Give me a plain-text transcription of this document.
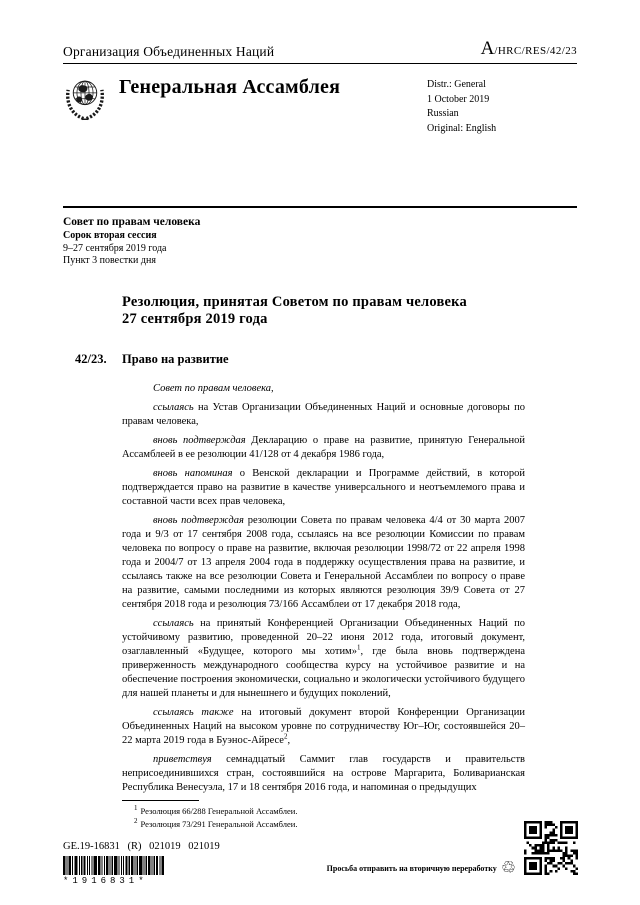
Организация Объединенных Наций	A/HRC/RES/42/23
Генеральная Ассамблея	Distr.: General
1 October 2019
Russian
Original: English
Совет по правам человека
Сорок вторая сессия
9–27 сентября 2019 года
Пункт 3 повестки дня
Резолюция, принятая Советом по правам человека
27 сентября 2019 года
42/23.	Право на развитие

Совет по правам человека,

ссылаясь на Устав Организации Объединенных Наций и основные договоры по правам человека,

вновь подтверждая Декларацию о праве на развитие, принятую Генеральной Ассамблеей в ее резолюции 41/128 от 4 декабря 1986 года,

вновь напоминая о Венской декларации и Программе действий, в которой подтверждается право на развитие в качестве универсального и неотъемлемого права и составной части всех прав человека,

вновь подтверждая резолюции Совета по правам человека 4/4 от 30 марта 2007 года и 9/3 от 17 сентября 2008 года, ссылаясь на все резолюции Комиссии по правам человека по вопросу о праве на развитие, включая резолюции 1998/72 от 22 апреля 1998 года и 2004/7 от 13 апреля 2004 года в поддержку осуществления права на развитие, и ссылаясь также на все резолюции Совета и Генеральной Ассамблеи по вопросу о праве на развитие, самыми последними из которых являются резолюция 39/9 Совета от 27 сентября 2018 года и резолюция 73/166 Ассамблеи от 17 декабря 2018 года,

ссылаясь на принятый Конференцией Организации Объединенных Наций по устойчивому развитию, проведенной 20–22 июня 2012 года, итоговый документ, озаглавленный «Будущее, которого мы хотим»$^1$, где была вновь подтверждена приверженность международного сообщества курсу на устойчивое развитие и на обеспечение построения экономически, социально и экологически устойчивого будущего для нашей планеты и для нынешнего и будущих поколений,

ссылаясь также на итоговый документ второй Конференции Организации Объединенных Наций на высоком уровне по сотрудничеству Юг–Юг, состоявшейся 20–22 марта 2019 года в Буэнос-Айресе$^2$,

приветствуя семнадцатый Саммит глав государств и правительств неприсоединившихся стран, состоявшийся на острове Маргарита, Боливарианская Республика Венесуэла, 17 и 18 сентября 2016 года, и напоминая о предыдущих

$^1$ Резолюция 66/288 Генеральной Ассамблеи.
$^2$ Резолюция 73/291 Генеральной Ассамблеи.
GE.19-16831 (R) 021019 021019
*1916831*
Просьба отправить на вторичную переработку ♲
